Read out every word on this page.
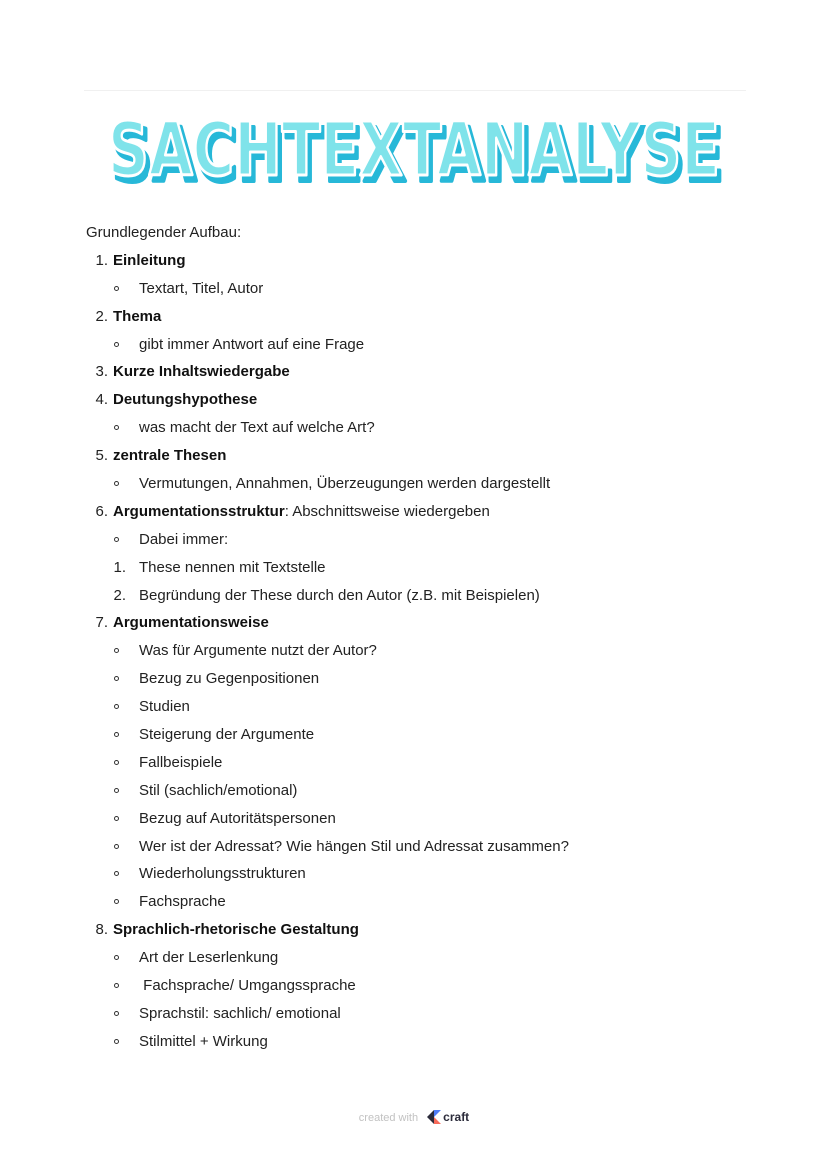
SACHTEXTANALYSE
SACHTEXTANALYSE
Grundlegender Aufbau:
1. Einleitung
Textart, Titel, Autor
2. Thema
gibt immer Antwort auf eine Frage
3. Kurze Inhaltswiedergabe
4. Deutungshypothese
was macht der Text auf welche Art?
5. zentrale Thesen
Vermutungen, Annahmen, Überzeugungen werden dargestellt
6. Argumentationsstruktur: Abschnittsweise wiedergeben
Dabei immer:
1. These nennen mit Textstelle
2. Begründung der These durch den Autor (z.B. mit Beispielen)
7. Argumentationsweise
Was für Argumente nutzt der Autor?
Bezug zu Gegenpositionen
Studien
Steigerung der Argumente
Fallbeispiele
Stil (sachlich/emotional)
Bezug auf Autoritätspersonen
Wer ist der Adressat? Wie hängen Stil und Adressat zusammen?
Wiederholungsstrukturen
Fachsprache
8. Sprachlich-rhetorische Gestaltung
Art der Leserlenkung
Fachsprache/ Umgangssprache
Sprachstil: sachlich/ emotional
Stilmittel + Wirkung
created with craft
